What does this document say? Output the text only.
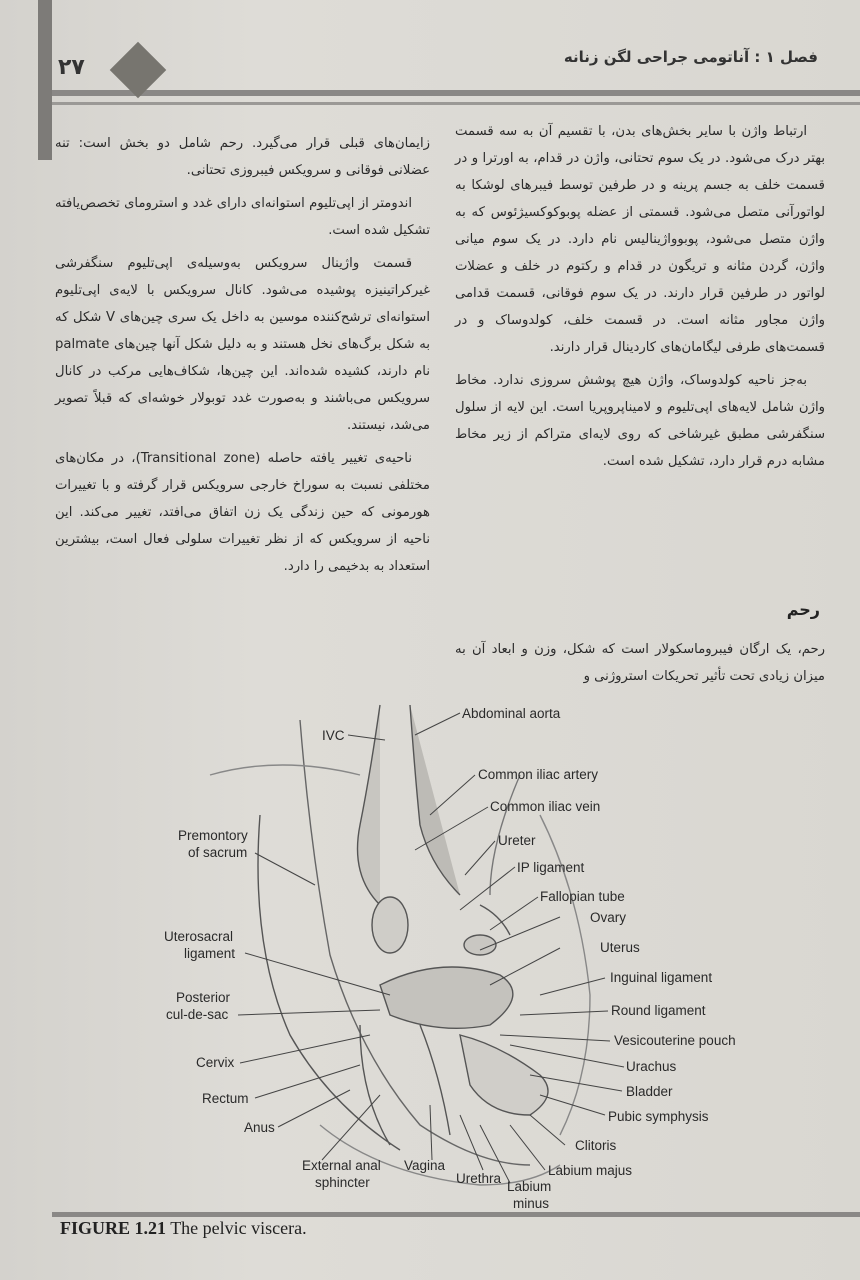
۲۷	فصل ۱ : آناتومی جراحی لگن زنانه

ارتباط واژن با سایر بخش‌های بدن، با تقسیم آن به سه قسمت بهتر درک می‌شود. در یک سوم تحتانی، واژن در قدام، به اورترا و در قسمت خلف به جسم پرینه و در طرفین توسط فیبرهای لوشکا به لواتورآنی متصل می‌شود. قسمتی از عضله پوبوکوکسیژئوس که به واژن متصل می‌شود، پوبوواژینالیس نام دارد. در یک سوم میانی واژن، گردن مثانه و تریگون در قدام و رکتوم در خلف و عضلات لواتور در طرفین قرار دارند. در یک سوم فوقانی، قسمت قدامی واژن مجاور مثانه است. در قسمت خلف، کولدوساک و در قسمت‌های طرفی لیگامان‌های کاردینال قرار دارند.

به‌جز ناحیه کولدوساک، واژن هیچ پوشش سروزی ندارد. مخاط واژن شامل لایه‌های اپی‌تلیوم و لامیناپروپریا است. این لایه از سلول سنگفرشی مطبق غیرشاخی که روی لایه‌ای متراکم از زیر مخاط مشابه درم قرار دارد، تشکیل شده است.

رحم

رحم، یک ارگان فیبروماسکولار است که شکل، وزن و ابعاد آن به میزان زیادی تحت تأثیر تحریکات استروژنی و

زایمان‌های قبلی قرار می‌گیرد. رحم شامل دو بخش است: تنه عضلانی فوقانی و سرویکس فیبروزی تحتانی.

اندومتر از اپی‌تلیوم استوانه‌ای دارای غدد و استرومای تخصص‌یافته تشکیل شده است.

قسمت واژینال سرویکس به‌وسیله‌ی اپی‌تلیوم سنگفرشی غیرکراتینیزه پوشیده می‌شود. کانال سرویکس با لایه‌ی اپی‌تلیوم استوانه‌ای ترشح‌کننده موسین به داخل یک سری چین‌های V شکل که به شکل برگ‌های نخل هستند و به دلیل شکل آنها چین‌های palmate نام دارند، کشیده شده‌اند. این چین‌ها، شکاف‌هایی مرکب در کانال سرویکس می‌باشند و به‌صورت غدد توبولار خوشه‌ای که قبلاً تصویر می‌شد، نیستند.

ناحیه‌ی تغییر یافته حاصله (Transitional zone)، در مکان‌های مختلفی نسبت به سوراخ خارجی سرویکس قرار گرفته و با تغییرات هورمونی که حین زندگی یک زن اتفاق می‌افتد، تغییر می‌کند. این ناحیه از سرویکس که از نظر تغییرات سلولی فعال است، بیشترین استعداد به بدخیمی را دارد.

Abdominal aorta
Common iliac artery
Common iliac vein
Ureter
IP ligament
Fallopian tube
Ovary
Uterus
Inguinal ligament
Round ligament
Vesicouterine pouch
Urachus
Bladder
Pubic symphysis
Clitoris
Labium majus
IVC
Premontory
of sacrum
Uterosacral
ligament
Posterior
cul-de-sac
Cervix
Rectum
Anus
External anal
sphincter
Vagina
Urethra
Labium
minus
FIGURE 1.21 The pelvic viscera.
